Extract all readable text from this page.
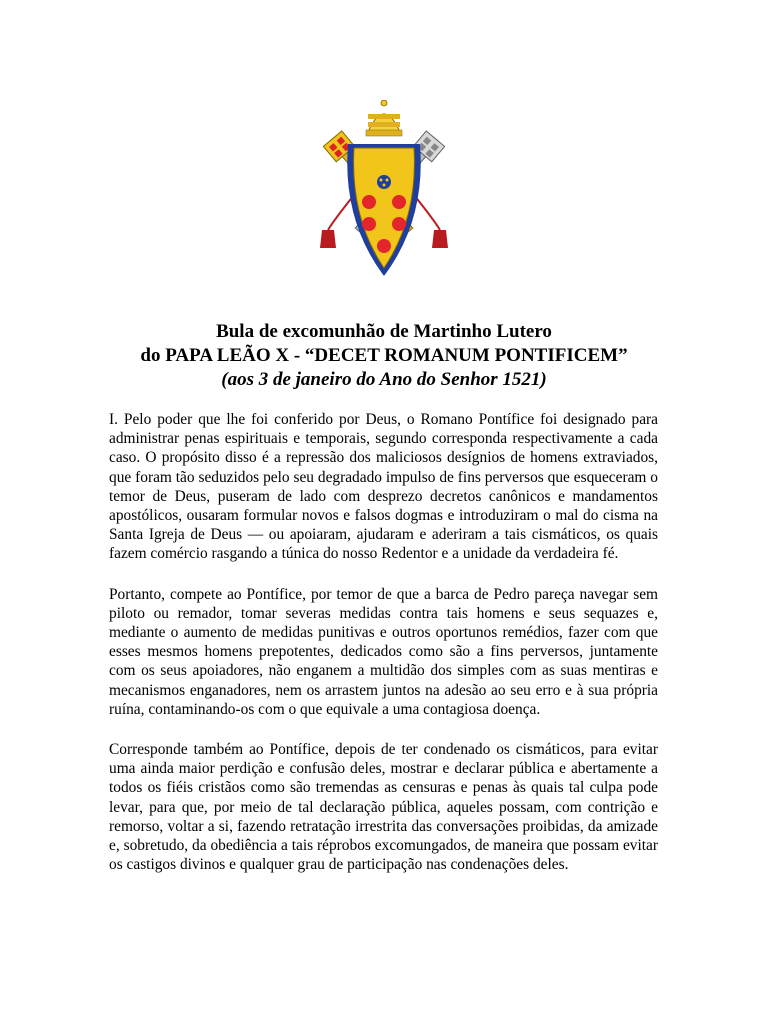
Bula de excomunhão de Martinho Lutero
do PAPA LEÃO X - “DECET ROMANUM PONTIFICEM”
(aos 3 de janeiro do Ano do Senhor 1521)

I. Pelo poder que lhe foi conferido por Deus, o Romano Pontífice foi designado para administrar penas espirituais e temporais, segundo corresponda respectivamente a cada caso. O propósito disso é a repressão dos maliciosos desígnios de homens extraviados, que foram tão seduzidos pelo seu degradado impulso de fins perversos que esqueceram o temor de Deus, puseram de lado com desprezo decretos canônicos e mandamentos apostólicos, ousaram formular novos e falsos dogmas e introduziram o mal do cisma na Santa Igreja de Deus — ou apoiaram, ajudaram e aderiram a tais cismáticos, os quais fazem comércio rasgando a túnica do nosso Redentor e a unidade da verdadeira fé.

Portanto, compete ao Pontífice, por temor de que a barca de Pedro pareça navegar sem piloto ou remador, tomar severas medidas contra tais homens e seus sequazes e, mediante o aumento de medidas punitivas e outros oportunos remédios, fazer com que esses mesmos homens prepotentes, dedicados como são a fins perversos, juntamente com os seus apoiadores, não enganem a multidão dos simples com as suas mentiras e mecanismos enganadores, nem os arrastem juntos na adesão ao seu erro e à sua própria ruína, contaminando-os com o que equivale a uma contagiosa doença.

Corresponde também ao Pontífice, depois de ter condenado os cismáticos, para evitar uma ainda maior perdição e confusão deles, mostrar e declarar pública e abertamente a todos os fiéis cristãos como são tremendas as censuras e penas às quais tal culpa pode levar, para que, por meio de tal declaração pública, aqueles possam, com contrição e remorso, voltar a si, fazendo retratação irrestrita das conversações proibidas, da amizade e, sobretudo, da obediência a tais réprobos excomungados, de maneira que possam evitar os castigos divinos e qualquer grau de participação nas condenações deles.
